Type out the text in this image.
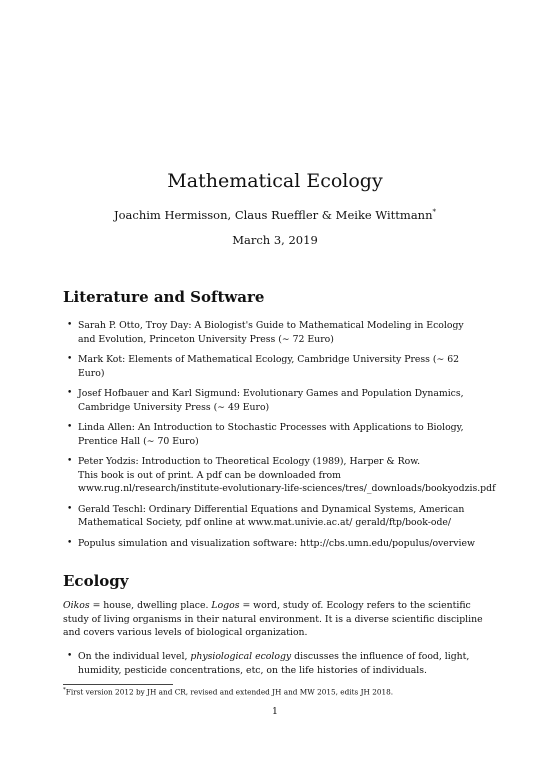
Mathematical Ecology
Joachim Hermisson, Claus Rueffler & Meike Wittmann*
March 3, 2019
Literature and Software
• Sarah P. Otto, Troy Day: A Biologist's Guide to Mathematical Modeling in Ecology
and Evolution, Princeton University Press (∼ 72 Euro)
• Mark Kot: Elements of Mathematical Ecology, Cambridge University Press (∼ 62
Euro)
• Josef Hofbauer and Karl Sigmund: Evolutionary Games and Population Dynamics,
Cambridge University Press (∼ 49 Euro)
• Linda Allen: An Introduction to Stochastic Processes with Applications to Biology,
Prentice Hall (∼ 70 Euro)
• Peter Yodzis: Introduction to Theoretical Ecology (1989), Harper & Row.
This book is out of print. A pdf can be downloaded from
www.rug.nl/research/institute-evolutionary-life-sciences/tres/_downloads/bookyodzis.pdf
• Gerald Teschl: Ordinary Differential Equations and Dynamical Systems, American
Mathematical Society, pdf online at www.mat.univie.ac.at/ gerald/ftp/book-ode/
• Populus simulation and visualization software: http://cbs.umn.edu/populus/overview
Ecology
Oikos = house, dwelling place. Logos = word, study of. Ecology refers to the scientific
study of living organisms in their natural environment. It is a diverse scientific discipline
and covers various levels of biological organization.
• On the individual level, physiological ecology discusses the influence of food, light,
humidity, pesticide concentrations, etc, on the life histories of individuals.
*First version 2012 by JH and CR, revised and extended JH and MW 2015, edits JH 2018.
1
